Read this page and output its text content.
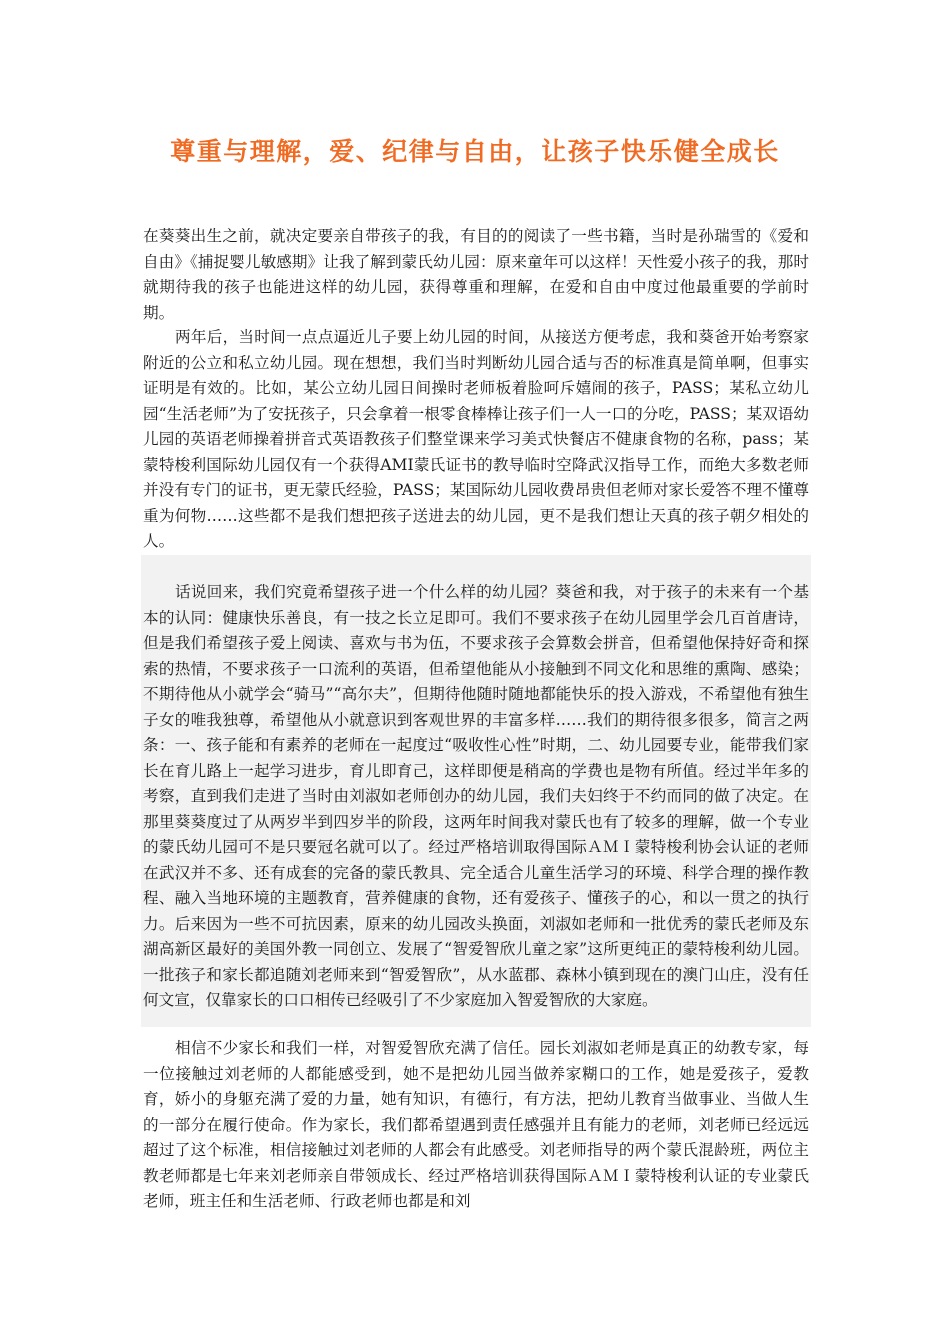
尊重与理解，爱、纪律与自由，让孩子快乐健全成长

在葵葵出生之前，就决定要亲自带孩子的我，有目的的阅读了一些书籍，当时是孙瑞雪的《爱和自由》《捕捉婴儿敏感期》让我了解到蒙氏幼儿园：原来童年可以这样！天性爱小孩子的我，那时就期待我的孩子也能进这样的幼儿园，获得尊重和理解，在爱和自由中度过他最重要的学前时期。

两年后，当时间一点点逼近儿子要上幼儿园的时间，从接送方便考虑，我和葵爸开始考察家附近的公立和私立幼儿园。现在想想，我们当时判断幼儿园合适与否的标准真是简单啊，但事实证明是有效的。比如，某公立幼儿园日间操时老师板着脸呵斥嬉闹的孩子，PASS；某私立幼儿园“生活老师”为了安抚孩子，只会拿着一根零食棒棒让孩子们一人一口的分吃，PASS；某双语幼儿园的英语老师操着拼音式英语教孩子们整堂课来学习美式快餐店不健康食物的名称，pass；某蒙特梭利国际幼儿园仅有一个获得AMI蒙氏证书的教导临时空降武汉指导工作，而绝大多数老师并没有专门的证书，更无蒙氏经验，PASS；某国际幼儿园收费昂贵但老师对家长爱答不理不懂尊重为何物……这些都不是我们想把孩子送进去的幼儿园，更不是我们想让天真的孩子朝夕相处的人。

话说回来，我们究竟希望孩子进一个什么样的幼儿园？葵爸和我，对于孩子的未来有一个基本的认同：健康快乐善良，有一技之长立足即可。我们不要求孩子在幼儿园里学会几百首唐诗，但是我们希望孩子爱上阅读、喜欢与书为伍，不要求孩子会算数会拼音，但希望他保持好奇和探索的热情，不要求孩子一口流利的英语，但希望他能从小接触到不同文化和思维的熏陶、感染；不期待他从小就学会“骑马”“高尔夫”，但期待他随时随地都能快乐的投入游戏，不希望他有独生子女的唯我独尊，希望他从小就意识到客观世界的丰富多样……我们的期待很多很多，简言之两条：一、孩子能和有素养的老师在一起度过“吸收性心性”时期，二、幼儿园要专业，能带我们家长在育儿路上一起学习进步，育儿即育己，这样即便是稍高的学费也是物有所值。经过半年多的考察，直到我们走进了当时由刘淑如老师创办的幼儿园，我们夫妇终于不约而同的做了决定。在那里葵葵度过了从两岁半到四岁半的阶段，这两年时间我对蒙氏也有了较多的理解，做一个专业的蒙氏幼儿园可不是只要冠名就可以了。经过严格培训取得国际ＡＭＩ蒙特梭利协会认证的老师在武汉并不多、还有成套的完备的蒙氏教具、完全适合儿童生活学习的环境、科学合理的操作教程、融入当地环境的主题教育，营养健康的食物，还有爱孩子、懂孩子的心，和以一贯之的执行力。后来因为一些不可抗因素，原来的幼儿园改头换面，刘淑如老师和一批优秀的蒙氏老师及东湖高新区最好的美国外教一同创立、发展了“智爱智欣儿童之家”这所更纯正的蒙特梭利幼儿园。一批孩子和家长都追随刘老师来到“智爱智欣”，从水蓝郡、森林小镇到现在的澳门山庄，没有任何文宣，仅靠家长的口口相传已经吸引了不少家庭加入智爱智欣的大家庭。

相信不少家长和我们一样，对智爱智欣充满了信任。园长刘淑如老师是真正的幼教专家，每一位接触过刘老师的人都能感受到，她不是把幼儿园当做养家糊口的工作，她是爱孩子，爱教育，娇小的身躯充满了爱的力量，她有知识，有德行，有方法，把幼儿教育当做事业、当做人生的一部分在履行使命。作为家长，我们都希望遇到责任感强并且有能力的老师，刘老师已经远远超过了这个标准，相信接触过刘老师的人都会有此感受。刘老师指导的两个蒙氏混龄班，两位主教老师都是七年来刘老师亲自带领成长、经过严格培训获得国际ＡＭＩ蒙特梭利认证的专业蒙氏老师，班主任和生活老师、行政老师也都是和刘
